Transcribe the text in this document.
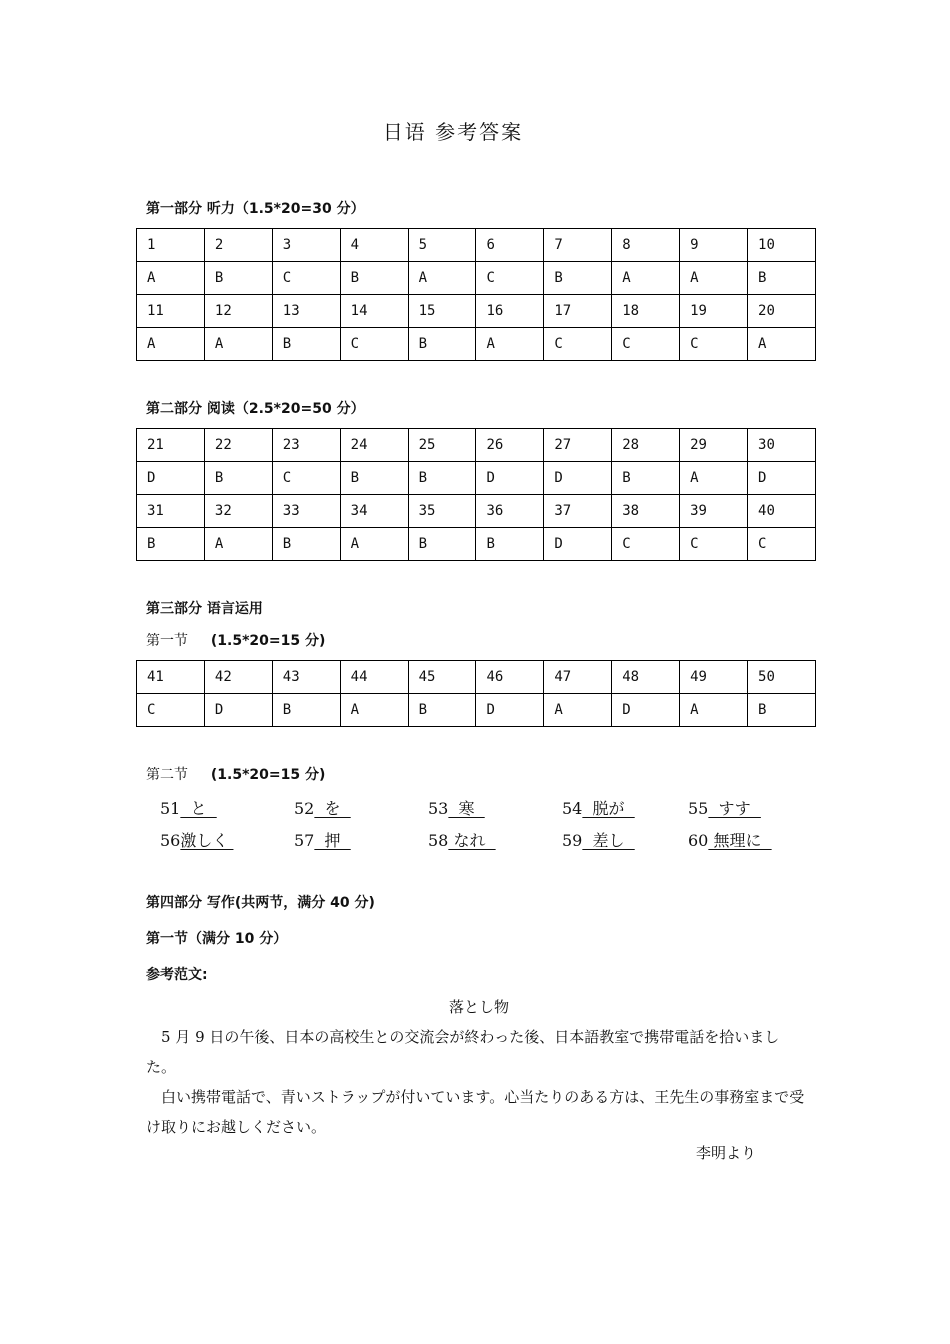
日语 参考答案
第一部分 听力（1.5*20=30 分）
1	2	3	4	5	6	7	8	9	10
A	B	C	B	A	C	B	A	A	B
11	12	13	14	15	16	17	18	19	20
A	A	B	C	B	A	C	C	C	A
第二部分 阅读（2.5*20=50 分）
21	22	23	24	25	26	27	28	29	30
D	B	C	B	B	D	D	B	A	D
31	32	33	34	35	36	37	38	39	40
B	A	B	A	B	B	D	C	C	C
第三部分 语言运用
第一节 (1.5*20=15 分)
41	42	43	44	45	46	47	48	49	50
C	D	B	A	B	D	A	D	A	B
第二节 (1.5*20=15 分)
51  と	52  を	53  寒	54  脱が	55  すす
56激しく	57  押	58 なれ	59  差し	60 無理に
第四部分 写作(共两节，满分 40 分)
第一节（满分 10 分）
参考范文:
落とし物
5 月 9 日の午後、日本の高校生との交流会が終わった後、日本語教室で携帯電話を拾いました。
白い携帯電話で、青いストラップが付いています。心当たりのある方は、王先生の事務室まで受け取りにお越しください。
李明より
